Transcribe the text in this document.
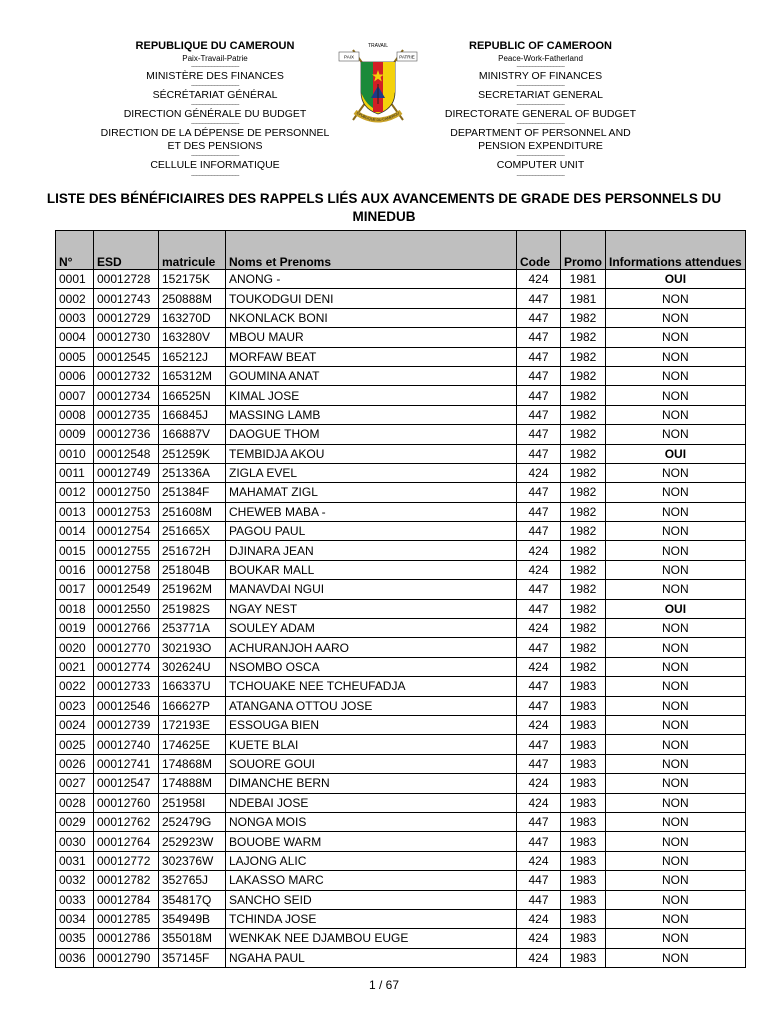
REPUBLIQUE DU CAMEROUN
Paix-Travail-Patrie
--------------------------------
MINISTÈRE DES FINANCES
--------------------------------
SÉCRÉTARIAT GÉNÉRAL
--------------------------------
DIRECTION GÉNÉRALE DU BUDGET
--------------------------------
DIRECTION DE LA DÉPENSE DE PERSONNEL ET DES PENSIONS
--------------------------------
CELLULE INFORMATIQUE
--------------------------------
TRAVAIL
PAIX	PATRIE
ÉPUBLIQUE DU CAMEROU
REPUBLIC OF CAMEROON
Peace-Work-Fatherland
--------------------------------
MINISTRY OF FINANCES
--------------------------------
SECRETARIAT GENERAL
--------------------------------
DIRECTORATE GENERAL OF BUDGET
--------------------------------
DEPARTMENT OF PERSONNEL AND PENSION EXPENDITURE
--------------------------------
COMPUTER UNIT
--------------------------------
LISTE DES BÉNÉFICIAIRES DES RAPPELS LIÉS AUX AVANCEMENTS DE GRADE DES PERSONNELS DU MINEDUB
N°	ESD	matricule	Noms et Prenoms	Code	Promo	Informations attendues
0001	00012728	152175K	ANONG -	424	1981	OUI
0002	00012743	250888M	TOUKODGUI DENI	447	1981	NON
0003	00012729	163270D	NKONLACK BONI	447	1982	NON
0004	00012730	163280V	MBOU MAUR	447	1982	NON
0005	00012545	165212J	MORFAW BEAT	447	1982	NON
0006	00012732	165312M	GOUMINA ANAT	447	1982	NON
0007	00012734	166525N	KIMAL JOSE	447	1982	NON
0008	00012735	166845J	MASSING LAMB	447	1982	NON
0009	00012736	166887V	DAOGUE THOM	447	1982	NON
0010	00012548	251259K	TEMBIDJA AKOU	447	1982	OUI
0011	00012749	251336A	ZIGLA EVEL	424	1982	NON
0012	00012750	251384F	MAHAMAT ZIGL	447	1982	NON
0013	00012753	251608M	CHEWEB MABA -	447	1982	NON
0014	00012754	251665X	PAGOU PAUL	447	1982	NON
0015	00012755	251672H	DJINARA JEAN	424	1982	NON
0016	00012758	251804B	BOUKAR MALL	424	1982	NON
0017	00012549	251962M	MANAVDAI NGUI	447	1982	NON
0018	00012550	251982S	NGAY NEST	447	1982	OUI
0019	00012766	253771A	SOULEY ADAM	424	1982	NON
0020	00012770	302193O	ACHURANJOH AARO	447	1982	NON
0021	00012774	302624U	NSOMBO OSCA	424	1982	NON
0022	00012733	166337U	TCHOUAKE NEE TCHEUFADJA	447	1983	NON
0023	00012546	166627P	ATANGANA OTTOU JOSE	447	1983	NON
0024	00012739	172193E	ESSOUGA BIEN	424	1983	NON
0025	00012740	174625E	KUETE BLAI	447	1983	NON
0026	00012741	174868M	SOUORE GOUI	447	1983	NON
0027	00012547	174888M	DIMANCHE BERN	424	1983	NON
0028	00012760	251958I	NDEBAI JOSE	424	1983	NON
0029	00012762	252479G	NONGA MOIS	447	1983	NON
0030	00012764	252923W	BOUOBE WARM	447	1983	NON
0031	00012772	302376W	LAJONG ALIC	424	1983	NON
0032	00012782	352765J	LAKASSO MARC	447	1983	NON
0033	00012784	354817Q	SANCHO SEID	447	1983	NON
0034	00012785	354949B	TCHINDA JOSE	424	1983	NON
0035	00012786	355018M	WENKAK NEE DJAMBOU EUGE	424	1983	NON
0036	00012790	357145F	NGAHA PAUL	424	1983	NON
1 / 67
